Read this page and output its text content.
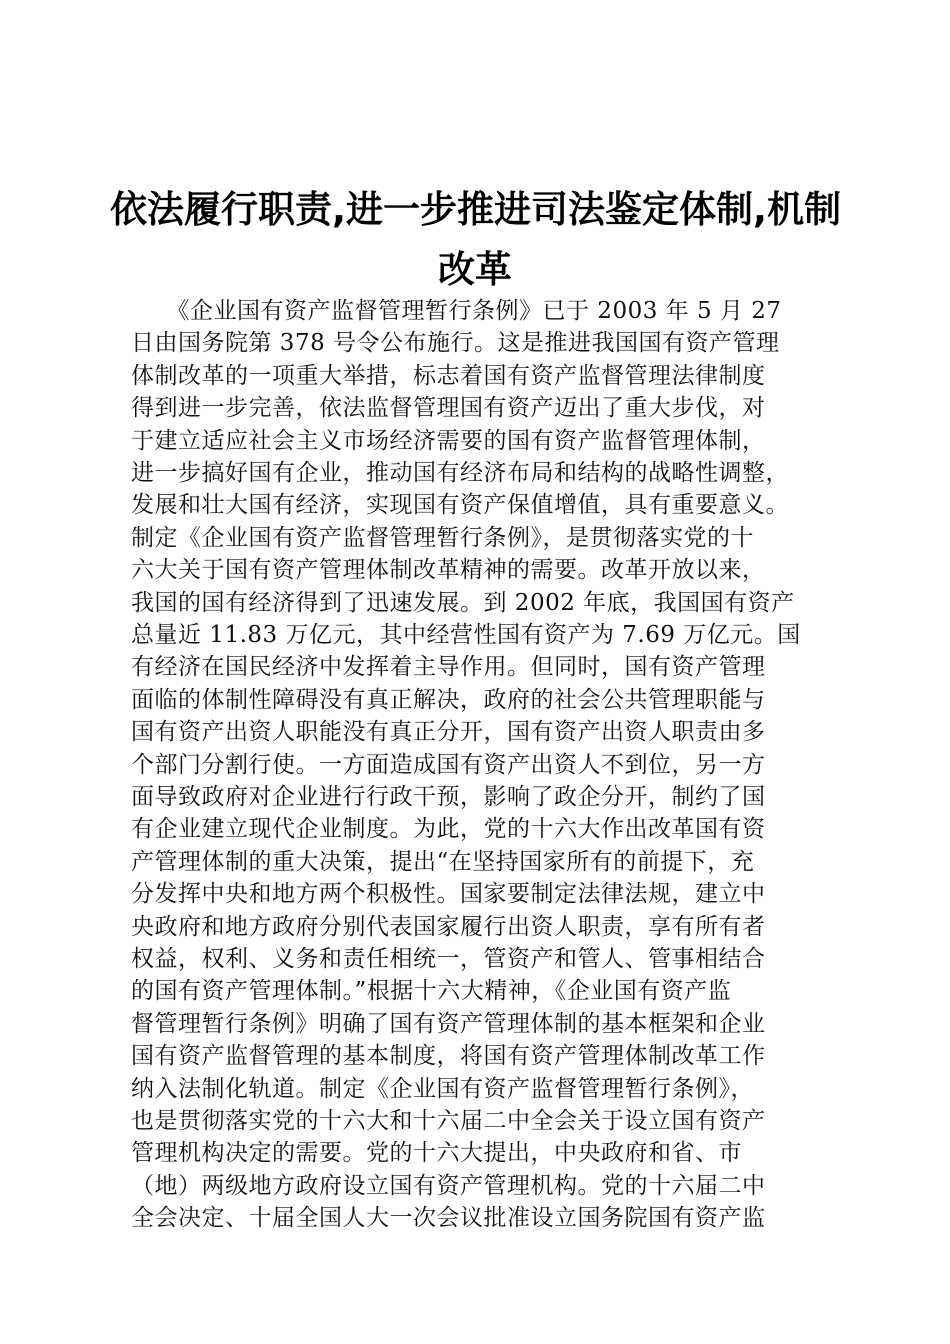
依法履行职责,进一步推进司法鉴定体制,机制
改革
　　《企业国有资产监督管理暂行条例》已于 2003 年 5 月 27
日由国务院第 378 号令公布施行。这是推进我国国有资产管理
体制改革的一项重大举措，标志着国有资产监督管理法律制度
得到进一步完善，依法监督管理国有资产迈出了重大步伐，对
于建立适应社会主义市场经济需要的国有资产监督管理体制，
进一步搞好国有企业，推动国有经济布局和结构的战略性调整，
发展和壮大国有经济，实现国有资产保值增值，具有重要意义。
制定《企业国有资产监督管理暂行条例》，是贯彻落实党的十
六大关于国有资产管理体制改革精神的需要。改革开放以来，
我国的国有经济得到了迅速发展。到 2002 年底，我国国有资产
总量近 11.83 万亿元，其中经营性国有资产为 7.69 万亿元。国
有经济在国民经济中发挥着主导作用。但同时，国有资产管理
面临的体制性障碍没有真正解决，政府的社会公共管理职能与
国有资产出资人职能没有真正分开，国有资产出资人职责由多
个部门分割行使。一方面造成国有资产出资人不到位，另一方
面导致政府对企业进行行政干预，影响了政企分开，制约了国
有企业建立现代企业制度。为此，党的十六大作出改革国有资
产管理体制的重大决策，提出“在坚持国家所有的前提下，充
分发挥中央和地方两个积极性。国家要制定法律法规，建立中
央政府和地方政府分别代表国家履行出资人职责，享有所有者
权益，权利、义务和责任相统一，管资产和管人、管事相结合
的国有资产管理体制。”根据十六大精神，《企业国有资产监
督管理暂行条例》明确了国有资产管理体制的基本框架和企业
国有资产监督管理的基本制度，将国有资产管理体制改革工作
纳入法制化轨道。制定《企业国有资产监督管理暂行条例》，
也是贯彻落实党的十六大和十六届二中全会关于设立国有资产
管理机构决定的需要。党的十六大提出，中央政府和省、市
（地）两级地方政府设立国有资产管理机构。党的十六届二中
全会决定、十届全国人大一次会议批准设立国务院国有资产监
